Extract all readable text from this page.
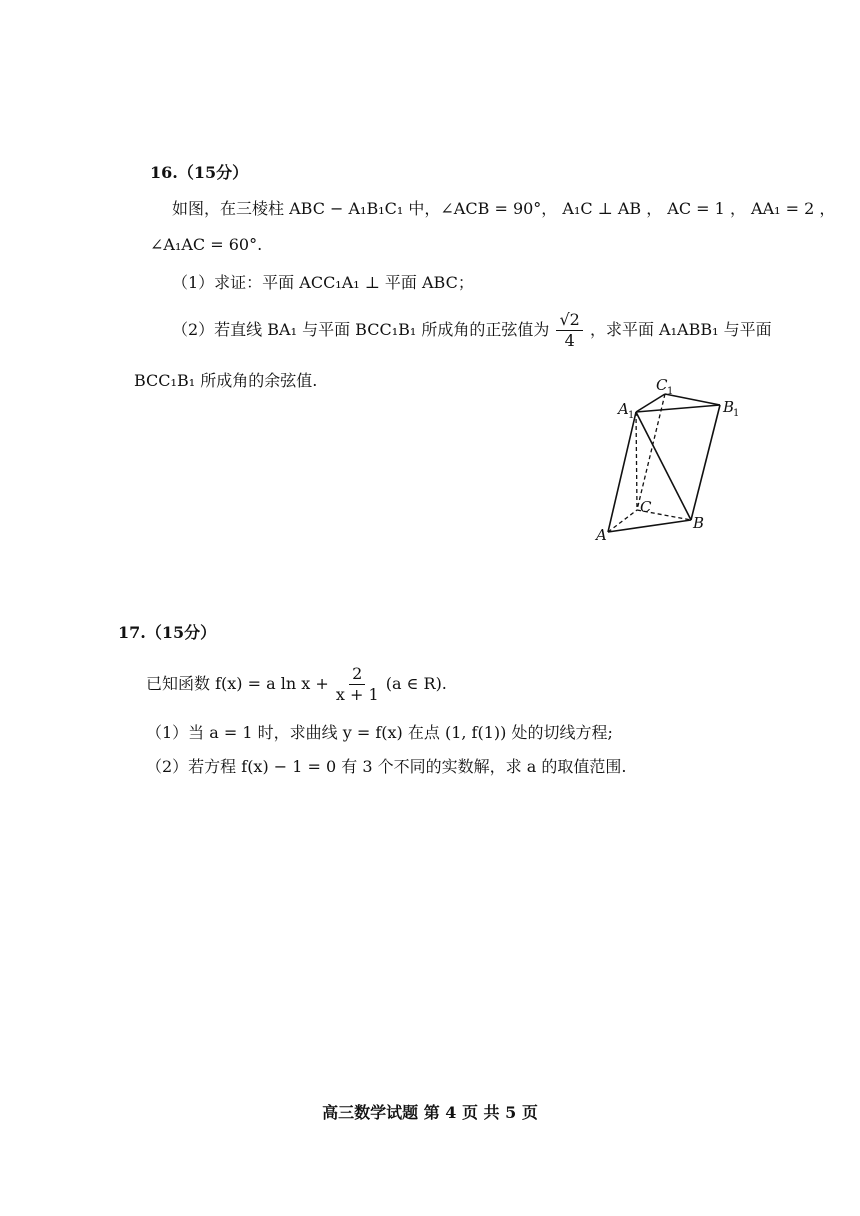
16.（15分）
如图，在三棱柱 ABC − A₁B₁C₁ 中，∠ACB = 90°， A₁C ⊥ AB ， AC = 1 ， AA₁ = 2 ，
∠A₁AC = 60°.
（1）求证：平面 ACC₁A₁ ⊥ 平面 ABC；
（2）若直线 BA₁ 与平面 BCC₁B₁ 所成角的正弦值为 $\frac{√2}{4}$ ，求平面 A₁ABB₁ 与平面
BCC₁B₁ 所成角的余弦值.	C 1
A 1	B
1
C
A
B
17.（15分）
已知函数 f(x) = a $\ln x + \frac{2}{x + 1} (a$ ∈ R).
（1）当 a = 1 时，求曲线 y = f(x) 在点 (1, f(1)) 处的切线方程;
（2）若方程 f(x) − 1 = 0 有 3 个不同的实数解，求 a 的取值范围.
高三数学试题 第 4 页 共 5 页
